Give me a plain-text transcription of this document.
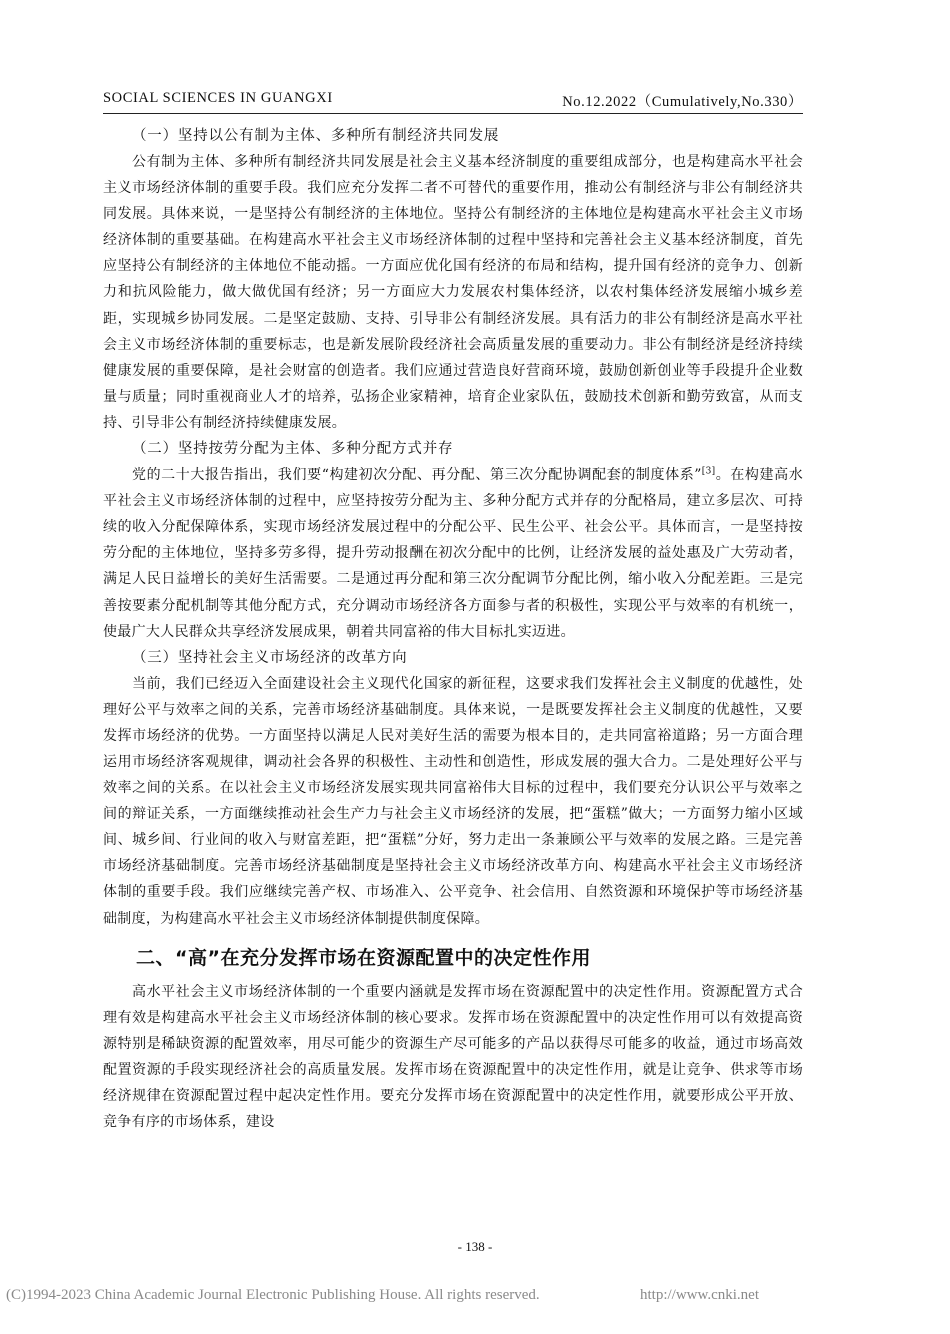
SOCIAL SCIENCES IN GUANGXI	No.12.2022（Cumulatively,No.330）
（一）坚持以公有制为主体、多种所有制经济共同发展

公有制为主体、多种所有制经济共同发展是社会主义基本经济制度的重要组成部分，也是构建高水平社会主义市场经济体制的重要手段。我们应充分发挥二者不可替代的重要作用，推动公有制经济与非公有制经济共同发展。具体来说，一是坚持公有制经济的主体地位。坚持公有制经济的主体地位是构建高水平社会主义市场经济体制的重要基础。在构建高水平社会主义市场经济体制的过程中坚持和完善社会主义基本经济制度，首先应坚持公有制经济的主体地位不能动摇。一方面应优化国有经济的布局和结构，提升国有经济的竞争力、创新力和抗风险能力，做大做优国有经济；另一方面应大力发展农村集体经济，以农村集体经济发展缩小城乡差距，实现城乡协同发展。二是坚定鼓励、支持、引导非公有制经济发展。具有活力的非公有制经济是高水平社会主义市场经济体制的重要标志，也是新发展阶段经济社会高质量发展的重要动力。非公有制经济是经济持续健康发展的重要保障，是社会财富的创造者。我们应通过营造良好营商环境，鼓励创新创业等手段提升企业数量与质量；同时重视商业人才的培养，弘扬企业家精神，培育企业家队伍，鼓励技术创新和勤劳致富，从而支持、引导非公有制经济持续健康发展。

（二）坚持按劳分配为主体、多种分配方式并存

党的二十大报告指出，我们要“构建初次分配、再分配、第三次分配协调配套的制度体系”[3]。在构建高水平社会主义市场经济体制的过程中，应坚持按劳分配为主、多种分配方式并存的分配格局，建立多层次、可持续的收入分配保障体系，实现市场经济发展过程中的分配公平、民生公平、社会公平。具体而言，一是坚持按劳分配的主体地位，坚持多劳多得，提升劳动报酬在初次分配中的比例，让经济发展的益处惠及广大劳动者，满足人民日益增长的美好生活需要。二是通过再分配和第三次分配调节分配比例，缩小收入分配差距。三是完善按要素分配机制等其他分配方式，充分调动市场经济各方面参与者的积极性，实现公平与效率的有机统一，使最广大人民群众共享经济发展成果，朝着共同富裕的伟大目标扎实迈进。

（三）坚持社会主义市场经济的改革方向

当前，我们已经迈入全面建设社会主义现代化国家的新征程，这要求我们发挥社会主义制度的优越性，处理好公平与效率之间的关系，完善市场经济基础制度。具体来说，一是既要发挥社会主义制度的优越性，又要发挥市场经济的优势。一方面坚持以满足人民对美好生活的需要为根本目的，走共同富裕道路；另一方面合理运用市场经济客观规律，调动社会各界的积极性、主动性和创造性，形成发展的强大合力。二是处理好公平与效率之间的关系。在以社会主义市场经济发展实现共同富裕伟大目标的过程中，我们要充分认识公平与效率之间的辩证关系，一方面继续推动社会生产力与社会主义市场经济的发展，把“蛋糕”做大；一方面努力缩小区域间、城乡间、行业间的收入与财富差距，把“蛋糕”分好，努力走出一条兼顾公平与效率的发展之路。三是完善市场经济基础制度。完善市场经济基础制度是坚持社会主义市场经济改革方向、构建高水平社会主义市场经济体制的重要手段。我们应继续完善产权、市场准入、公平竞争、社会信用、自然资源和环境保护等市场经济基础制度，为构建高水平社会主义市场经济体制提供制度保障。

二、“高”在充分发挥市场在资源配置中的决定性作用

高水平社会主义市场经济体制的一个重要内涵就是发挥市场在资源配置中的决定性作用。资源配置方式合理有效是构建高水平社会主义市场经济体制的核心要求。发挥市场在资源配置中的决定性作用可以有效提高资源特别是稀缺资源的配置效率，用尽可能少的资源生产尽可能多的产品以获得尽可能多的收益，通过市场高效配置资源的手段实现经济社会的高质量发展。发挥市场在资源配置中的决定性作用，就是让竞争、供求等市场经济规律在资源配置过程中起决定性作用。要充分发挥市场在资源配置中的决定性作用，就要形成公平开放、竞争有序的市场体系，建设

- 138 -
(C)1994-2023 China Academic Journal Electronic Publishing House. All rights reserved.	http://www.cnki.net
